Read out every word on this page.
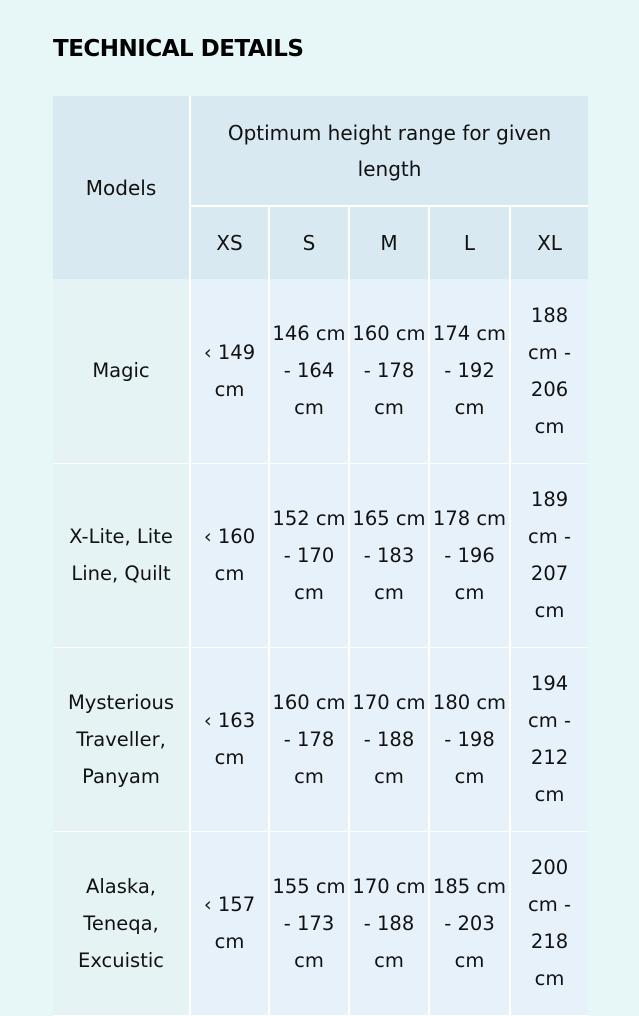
TECHNICAL DETAILS
Models	Optimum height range for given length				
	XS	S	M	L	XL
Magic	‹ 149 cm	146 cm - 164 cm	160 cm - 178 cm	174 cm - 192 cm	188 cm - 206 cm
X-Lite, Lite Line, Quilt	‹ 160 cm	152 cm - 170 cm	165 cm - 183 cm	178 cm - 196 cm	189 cm - 207 cm
Mysterious Traveller, Panyam	‹ 163 cm	160 cm - 178 cm	170 cm - 188 cm	180 cm - 198 cm	194 cm - 212 cm
Alaska, Teneqa, Excuistic	‹ 157 cm	155 cm - 173 cm	170 cm - 188 cm	185 cm - 203 cm	200 cm - 218 cm
